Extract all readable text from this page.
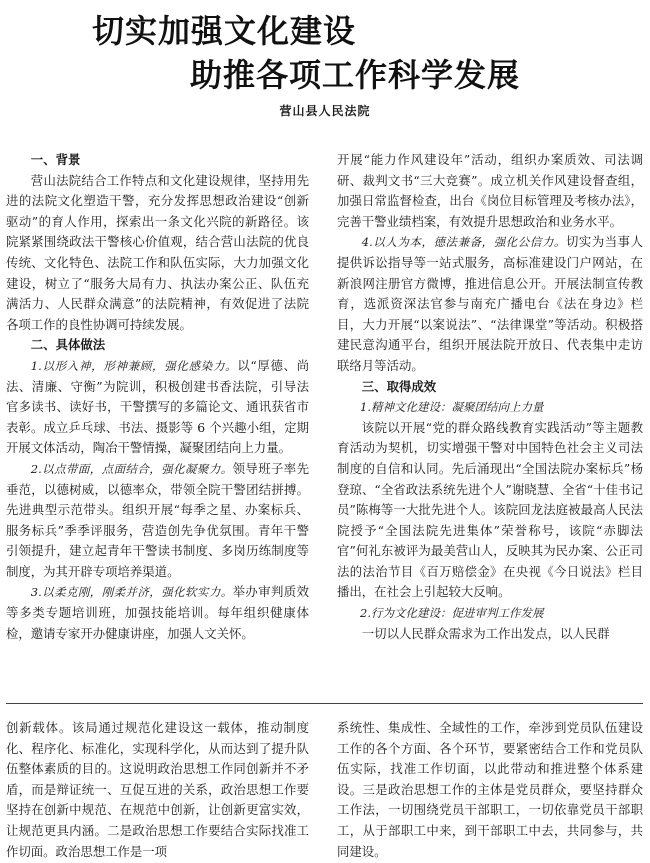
切实加强文化建设
助推各项工作科学发展
营山县人民法院

一、背景

营山法院结合工作特点和文化建设规律，坚持用先进的法院文化塑造干警，充分发挥思想政治建设“创新驱动”的育人作用，探索出一条文化兴院的新路径。该院紧紧围绕政法干警核心价值观，结合营山法院的优良传统、文化特色、法院工作和队伍实际，大力加强文化建设，树立了“服务大局有力、执法办案公正、队伍充满活力、人民群众满意”的法院精神，有效促进了法院各项工作的良性协调可持续发展。

二、具体做法

1.以形入神，形神兼顾，强化感染力。以“厚德、尚法、清廉、守衡”为院训，积极创建书香法院，引导法官多读书、读好书，干警撰写的多篇论文、通讯获省市表彰。成立乒乓球、书法、摄影等 6 个兴趣小组，定期开展文体活动，陶冶干警情操，凝聚团结向上力量。

2.以点带面，点面结合，强化凝聚力。领导班子率先垂范，以德树威，以德率众，带领全院干警团结拼搏。先进典型示范带头。组织开展“每季之星、办案标兵、服务标兵”季季评服务，营造创先争优氛围。青年干警引领提升，建立起青年干警读书制度、多岗历练制度等制度，为其开辟专项培养渠道。

3.以柔克刚，刚柔并济，强化软实力。举办审判质效等多类专题培训班，加强技能培训。每年组织健康体检，邀请专家开办健康讲座，加强人文关怀。

开展“能力作风建设年”活动，组织办案质效、司法调研、裁判文书“三大竞赛”。成立机关作风建设督查组，加强日常监督检查，出台《岗位目标管理及考核办法》，完善干警业绩档案，有效提升思想政治和业务水平。

4.以人为本，德法兼备，强化公信力。切实为当事人提供诉讼指导等一站式服务，高标准建设门户网站，在新浪网注册官方微博，推进信息公开。开展法制宣传教育，选派资深法官参与南充广播电台《法在身边》栏目，大力开展“以案说法”、“法律课堂”等活动。积极搭建民意沟通平台，组织开展法院开放日、代表集中走访联络月等活动。

三、取得成效

1.精神文化建设：凝聚团结向上力量

该院以开展“党的群众路线教育实践活动”等主题教育活动为契机，切实增强干警对中国特色社会主义司法制度的自信和认同。先后涌现出“全国法院办案标兵”杨登琼、“全省政法系统先进个人”谢晓慧、全省“十佳书记员”陈梅等一大批先进个人。该院回龙法庭被最高人民法院授予“全国法院先进集体”荣誉称号，该院“赤脚法官”何礼东被评为最美营山人，反映其为民办案、公正司法的法治节目《百万赔偿金》在央视《今日说法》栏目播出，在社会上引起较大反响。

2.行为文化建设：促进审判工作发展

一切以人民群众需求为工作出发点，以人民群

创新载体。该局通过规范化建设这一载体，推动制度化、程序化、标准化，实现科学化，从而达到了提升队伍整体素质的目的。这说明政治思想工作同创新并不矛盾，而是辩证统一、互促互进的关系，政治思想工作要坚持在创新中规范、在规范中创新，让创新更富实效，让规范更具内涵。二是政治思想工作要结合实际找准工作切面。政治思想工作是一项

系统性、集成性、全域性的工作，牵涉到党员队伍建设工作的各个方面、各个环节，要紧密结合工作和党员队伍实际，找准工作切面，以此带动和推进整个体系建设。三是政治思想工作的主体是党员群众，要坚持群众工作法，一切围绕党员干部职工，一切依靠党员干部职工，从于部职工中来，到干部职工中去，共同参与，共同建设。
